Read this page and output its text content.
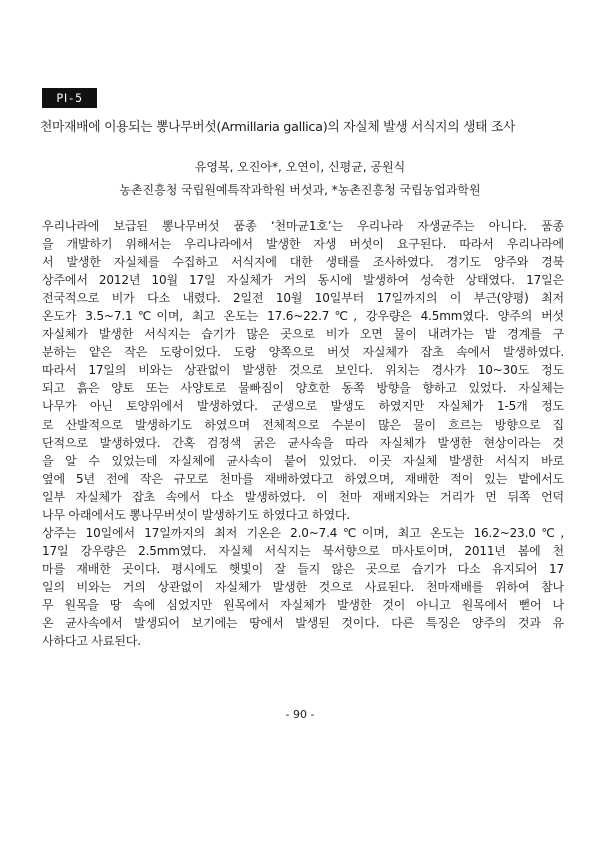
PⅠ-5
천마재배에 이용되는 뽕나무버섯(Armillaria gallica)의 자실체 발생 서식지의 생태 조사
유영복, 오진아*, 오연이, 신평균, 공원식
농촌진흥청 국립원예특작과학원 버섯과, *농촌진흥청 국립농업과학원
우리나라에 보급된 뽕나무버섯 품종 ‘천마균1호’는 우리나라 자생균주는 아니다. 품종
을 개발하기 위해서는 우리나라에서 발생한 자생 버섯이 요구된다. 따라서 우리나라에
서 발생한 자실체를 수집하고 서식지에 대한 생태를 조사하였다. 경기도 양주와 경북
상주에서 2012년 10월 17일 자실체가 거의 동시에 발생하여 성숙한 상태였다. 17일은
전국적으로 비가 다소 내렸다. 2일전 10월 10일부터 17일까지의 이 부근(양평) 최저
온도가 3.5~7.1℃이며, 최고 온도는 17.6~22.7℃, 강우량은 4.5mm였다. 양주의 버섯
자실체가 발생한 서식지는 습기가 많은 곳으로 비가 오면 물이 내려가는 밭 경계를 구
분하는 얕은 작은 도랑이었다. 도랑 양쪽으로 버섯 자실체가 잡초 속에서 발생하였다.
따라서 17일의 비와는 상관없이 발생한 것으로 보인다. 위치는 경사가 10~30도 정도
되고 흙은 양토 또는 사양토로 물빠짐이 양호한 동쪽 방향을 향하고 있었다. 자실체는
나무가 아닌 토양위에서 발생하였다. 군생으로 발생도 하였지만 자실체가 1-5개 정도
로 산발적으로 발생하기도 하였으며 전체적으로 수분이 많은 물이 흐르는 방향으로 집
단적으로 발생하였다. 간혹 검정색 굵은 균사속을 따라 자실체가 발생한 현상이라는 것
을 알 수 있었는데 자실체에 균사속이 붙어 있었다. 이곳 자실체 발생한 서식지 바로
옆에 5년 전에 작은 규모로 천마를 재배하였다고 하였으며, 재배한 적이 있는 밭에서도
일부 자실체가 잡초 속에서 다소 발생하였다. 이 천마 재배지와는 거리가 먼 뒤쪽 언덕
나무 아래에서도 뽕나무버섯이 발생하기도 하였다고 하였다.
상주는 10일에서 17일까지의 최저 기온은 2.0~7.4℃이며, 최고 온도는 16.2~23.0℃,
17일 강우량은 2.5mm였다. 자실체 서식지는 북서향으로 마사토이며, 2011년 봄에 천
마를 재배한 곳이다. 평시에도 햇빛이 잘 들지 않은 곳으로 습기가 다소 유지되어 17
일의 비와는 거의 상관없이 자실체가 발생한 것으로 사료된다. 천마재배를 위하여 참나
무 원목을 땅 속에 심었지만 원목에서 자실체가 발생한 것이 아니고 원목에서 뻗어 나
온 균사속에서 발생되어 보기에는 땅에서 발생된 것이다. 다른 특징은 양주의 것과 유
사하다고 사료된다.
- 90 -
